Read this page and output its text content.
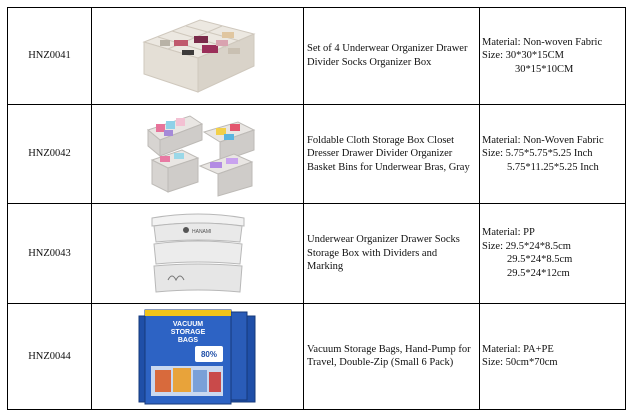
HNZ0041		Set of 4 Underwear Organizer Drawer
Divider Socks Organizer Box	Material: Non-woven Fabric
Size: 30*30*15CM
30*15*10CM

HNZ0042		Foldable Cloth Storage Box Closet
Dresser Drawer Divider Organizer
Basket Bins for Underwear Bras, Gray	Material: Non-Woven Fabric
Size: 5.75*5.75*5.25 Inch
5.75*11.25*5.25 Inch

HNZ0043	HANAMI	Underwear Organizer Drawer Socks
Storage Box with Dividers and
Marking	Material: PP
Size: 29.5*24*8.5cm
29.5*24*8.5cm
29.5*24*12cm

HNZ0044	VACUUM
STORAGE
BAGS
80%	Vacuum Storage Bags, Hand-Pump for
Travel, Double-Zip (Small 6 Pack)	Material: PA+PE
Size: 50cm*70cm
